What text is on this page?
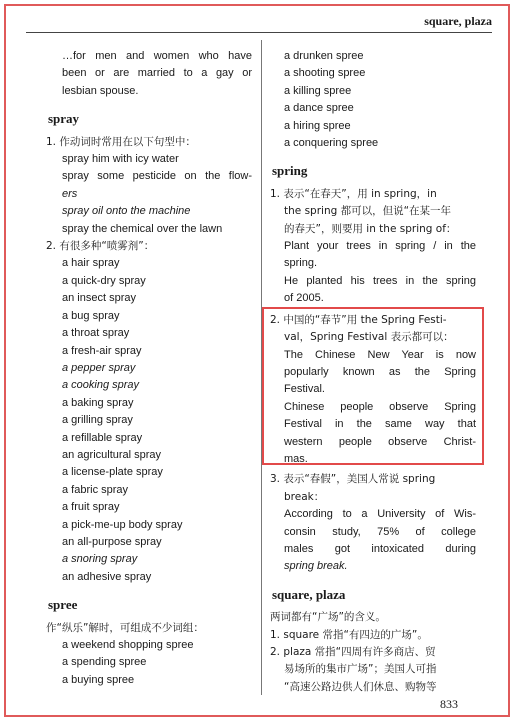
square, plaza
…for men and women who have
been or are married to a gay or
lesbian spouse.
spray
1. 作动词时常用在以下句型中：
spray him with icy water
spray some pesticide on the flow-
ers
spray oil onto the machine
spray the chemical over the lawn
2. 有很多种“喷雾剂”：
a hair spray
a quick-dry spray
an insect spray
a bug spray
a throat spray
a fresh-air spray
a pepper spray
a cooking spray
a baking spray
a grilling spray
a refillable spray
an agricultural spray
a license-plate spray
a fabric spray
a fruit spray
a pick-me-up body spray
an all-purpose spray
a snoring spray
an adhesive spray
spree
作“纵乐”解时，可组成不少词组：
a weekend shopping spree
a spending spree
a buying spree
a drunken spree
a shooting spree
a killing spree
a dance spree
a hiring spree
a conquering spree
spring
1. 表示“在春天”，用 in spring，in
the spring 都可以，但说“在某一年
的春天”，则要用 in the spring of：
Plant your trees in spring / in the
spring.
He planted his trees in the spring
of 2005.
2. 中国的“春节”用 the Spring Festi-
val，Spring Festival 表示都可以：
The Chinese New Year is now
popularly known as the Spring
Festival.
Chinese people observe Spring
Festival in the same way that
western people observe Christ-
mas.
3. 表示“春假”，美国人常说 spring
break：
According to a University of Wis-
consin study, 75% of college
males got intoxicated during
spring break.
square, plaza
两词都有“广场”的含义。
1. square 常指“有四边的广场”。
2. plaza 常指“四周有许多商店、贸
易场所的集市广场”；美国人可指
“高速公路边供人们休息、购物等
833
